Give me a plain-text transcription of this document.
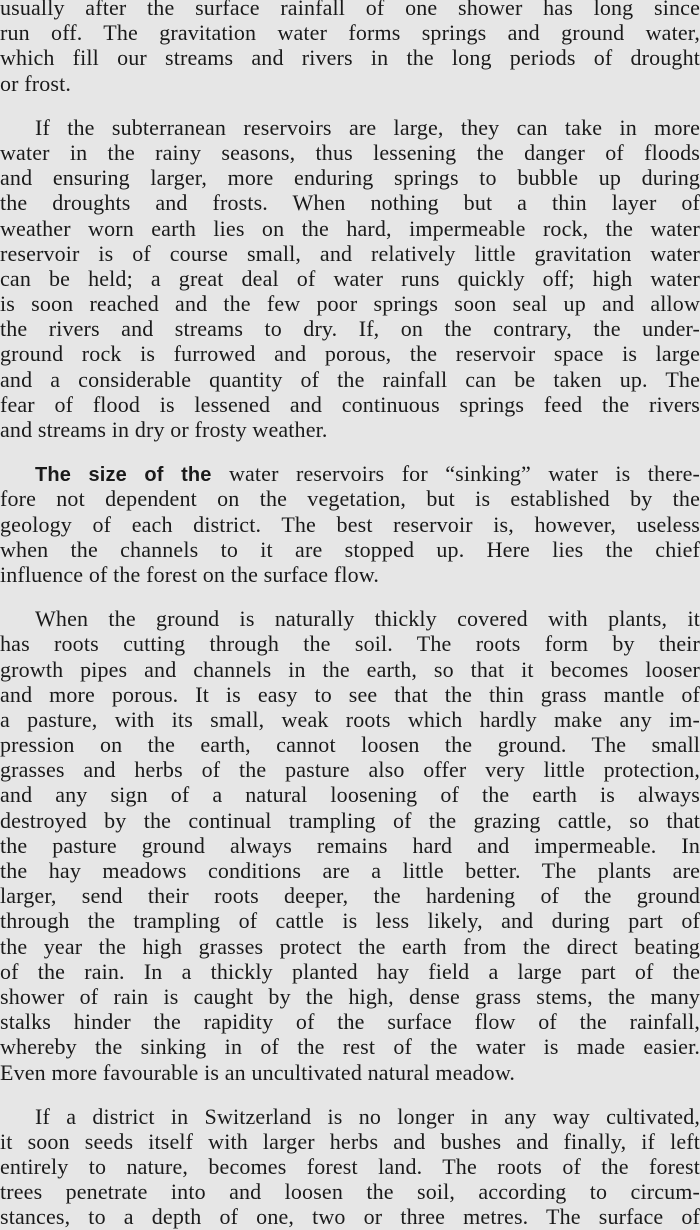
usually after the surface rainfall of one shower has long since
run off. The gravitation water forms springs and ground water,
which fill our streams and rivers in the long periods of drought
or frost.
If the subterranean reservoirs are large, they can take in more
water in the rainy seasons, thus lessening the danger of floods
and ensuring larger, more enduring springs to bubble up during
the droughts and frosts. When nothing but a thin layer of
weather worn earth lies on the hard, impermeable rock, the water
reservoir is of course small, and relatively little gravitation water
can be held; a great deal of water runs quickly off; high water
is soon reached and the few poor springs soon seal up and allow
the rivers and streams to dry. If, on the contrary, the under-
ground rock is furrowed and porous, the reservoir space is large
and a considerable quantity of the rainfall can be taken up. The
fear of flood is lessened and continuous springs feed the rivers
and streams in dry or frosty weather.
The size of the water reservoirs for “sinking” water is there-
fore not dependent on the vegetation, but is established by the
geology of each district. The best reservoir is, however, useless
when the channels to it are stopped up. Here lies the chief
influence of the forest on the surface flow.
When the ground is naturally thickly covered with plants, it
has roots cutting through the soil. The roots form by their
growth pipes and channels in the earth, so that it becomes looser
and more porous. It is easy to see that the thin grass mantle of
a pasture, with its small, weak roots which hardly make any im-
pression on the earth, cannot loosen the ground. The small
grasses and herbs of the pasture also offer very little protection,
and any sign of a natural loosening of the earth is always
destroyed by the continual trampling of the grazing cattle, so that
the pasture ground always remains hard and impermeable. In
the hay meadows conditions are a little better. The plants are
larger, send their roots deeper, the hardening of the ground
through the trampling of cattle is less likely, and during part of
the year the high grasses protect the earth from the direct beating
of the rain. In a thickly planted hay field a large part of the
shower of rain is caught by the high, dense grass stems, the many
stalks hinder the rapidity of the surface flow of the rainfall,
whereby the sinking in of the rest of the water is made easier.
Even more favourable is an uncultivated natural meadow.
If a district in Switzerland is no longer in any way cultivated,
it soon seeds itself with larger herbs and bushes and finally, if left
entirely to nature, becomes forest land. The roots of the forest
trees penetrate into and loosen the soil, according to circum-
stances, to a depth of one, two or three metres. The surface of
